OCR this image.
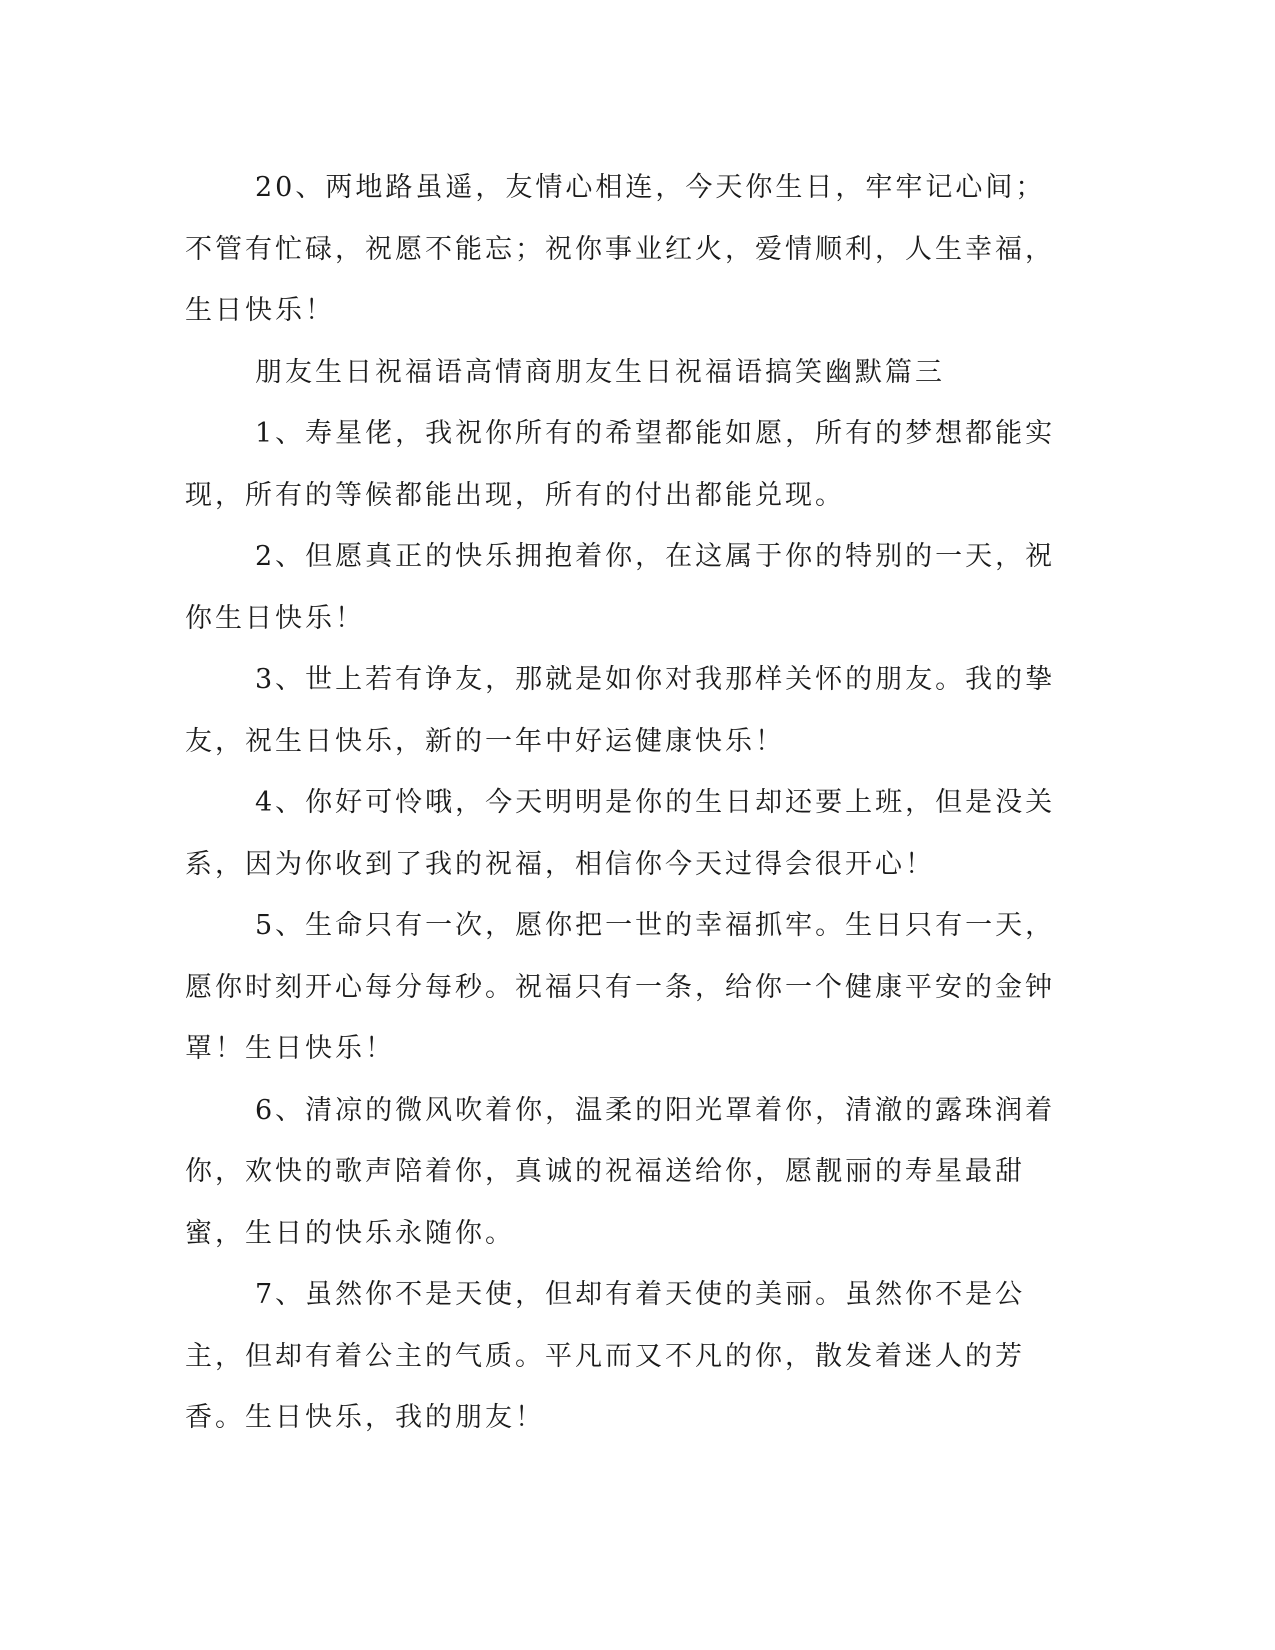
20、两地路虽遥，友情心相连，今天你生日，牢牢记心间；不管有忙碌，祝愿不能忘；祝你事业红火，爱情顺利，人生幸福，生日快乐！

朋友生日祝福语高情商朋友生日祝福语搞笑幽默篇三

1、寿星佬，我祝你所有的希望都能如愿，所有的梦想都能实现，所有的等候都能出现，所有的付出都能兑现。

2、但愿真正的快乐拥抱着你，在这属于你的特别的一天，祝你生日快乐！

3、世上若有诤友，那就是如你对我那样关怀的朋友。我的挚友，祝生日快乐，新的一年中好运健康快乐！

4、你好可怜哦，今天明明是你的生日却还要上班，但是没关系，因为你收到了我的祝福，相信你今天过得会很开心！

5、生命只有一次，愿你把一世的幸福抓牢。生日只有一天，愿你时刻开心每分每秒。祝福只有一条，给你一个健康平安的金钟罩！生日快乐！

6、清凉的微风吹着你，温柔的阳光罩着你，清澈的露珠润着你，欢快的歌声陪着你，真诚的祝福送给你，愿靓丽的寿星最甜蜜，生日的快乐永随你。

7、虽然你不是天使，但却有着天使的美丽。虽然你不是公主，但却有着公主的气质。平凡而又不凡的你，散发着迷人的芳香。生日快乐，我的朋友！
